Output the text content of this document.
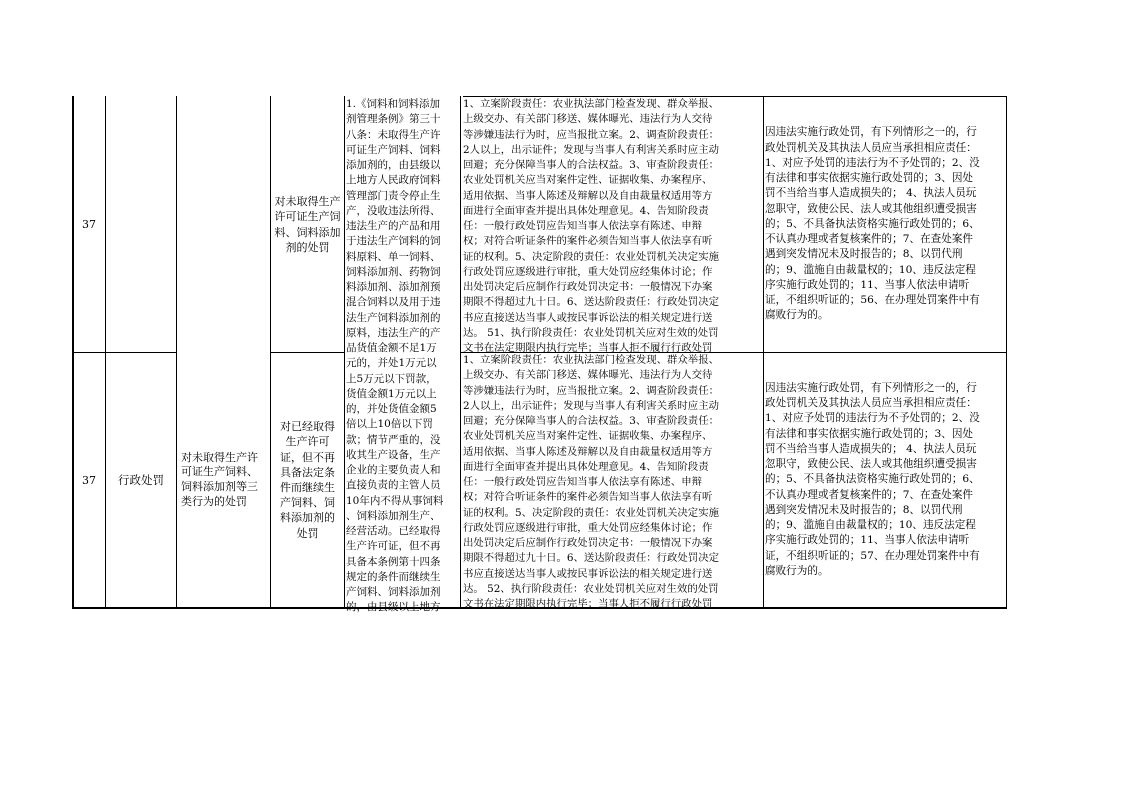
37
对未取得生产
许可证生产饲
料、饲料添加
剂的处罚
1、立案阶段责任：农业执法部门检查发现、群众举报、
上级交办、有关部门移送、媒体曝光、违法行为人交待
等涉嫌违法行为时，应当报批立案。2、调查阶段责任：
2人以上，出示证件；发现与当事人有利害关系时应主动
回避；充分保障当事人的合法权益。3、审查阶段责任：
农业处罚机关应当对案件定性、证据收集、办案程序、
适用依据、当事人陈述及辩解以及自由裁量权适用等方
面进行全面审查并提出具体处理意见。4、告知阶段责
任：一般行政处罚应告知当事人依法享有陈述、申辩
权；对符合听证条件的案件必须告知当事人依法享有听
证的权利。5、决定阶段的责任：农业处罚机关决定实施
行政处罚应逐级进行审批，重大处罚应经集体讨论；作
出处罚决定后应制作行政处罚决定书：一般情况下办案
期限不得超过九十日。6、送达阶段责任：行政处罚决定
书应直接送达当事人或按民事诉讼法的相关规定进行送
达。 51、执行阶段责任：农业处罚机关应对生效的处罚
文书在法定期限内执行完毕；当事人拒不履行行政处罚
因违法实施行政处罚，有下列情形之一的，行
政处罚机关及其执法人员应当承担相应责任：
1、对应予处罚的违法行为不予处罚的；2、没
有法律和事实依据实施行政处罚的；3、因处
罚不当给当事人造成损失的； 4、执法人员玩
忽职守，致使公民、法人或其他组织遭受损害
的；5、不具备执法资格实施行政处罚的；6、
不认真办理或者复核案件的；7、在查处案件
遇到突发情况未及时报告的；8、以罚代刑
的；9、滥施自由裁量权的；10、违反法定程
序实施行政处罚的；11、当事人依法申请听
证，不组织听证的；56、在办理处罚案件中有
腐败行为的。
1.《饲料和饲料添加
剂管理条例》第三十
八条：未取得生产许
可证生产饲料、饲料
添加剂的，由县级以
上地方人民政府饲料
管理部门责令停止生
产，没收违法所得、
违法生产的产品和用
于违法生产饲料的饲
料原料、单一饲料、
饲料添加剂、药物饲
料添加剂、添加剂预
混合饲料以及用于违
法生产饲料添加剂的
原料，违法生产的产
品货值金额不足1万
元的，并处1万元以
上5万元以下罚款，
货值金额1万元以上
的，并处货值金额5
倍以上10倍以下罚
款；情节严重的，没
收其生产设备，生产
企业的主要负责人和
直接负责的主管人员
10年内不得从事饲料
、饲料添加剂生产、
经营活动。已经取得
生产许可证，但不再
具备本条例第十四条
规定的条件而继续生
产饲料、饲料添加剂
的，由县级以上地方
37	行政处罚
对未取得生产许
可证生产饲料、
饲料添加剂等三
类行为的处罚
对已经取得
生产许可
证，但不再
具备法定条
件而继续生
产饲料、饲
料添加剂的
处罚
1、立案阶段责任：农业执法部门检查发现、群众举报、
上级交办、有关部门移送、媒体曝光、违法行为人交待
等涉嫌违法行为时，应当报批立案。2、调查阶段责任：
2人以上，出示证件；发现与当事人有利害关系时应主动
回避；充分保障当事人的合法权益。3、审查阶段责任：
农业处罚机关应当对案件定性、证据收集、办案程序、
适用依据、当事人陈述及辩解以及自由裁量权适用等方
面进行全面审查并提出具体处理意见。4、告知阶段责
任：一般行政处罚应告知当事人依法享有陈述、申辩
权；对符合听证条件的案件必须告知当事人依法享有听
证的权利。5、决定阶段的责任：农业处罚机关决定实施
行政处罚应逐级进行审批，重大处罚应经集体讨论；作
出处罚决定后应制作行政处罚决定书：一般情况下办案
期限不得超过九十日。6、送达阶段责任：行政处罚决定
书应直接送达当事人或按民事诉讼法的相关规定进行送
达。 52、执行阶段责任：农业处罚机关应对生效的处罚
文书在法定期限内执行完毕；当事人拒不履行行政处罚
因违法实施行政处罚，有下列情形之一的，行
政处罚机关及其执法人员应当承担相应责任：
1、对应予处罚的违法行为不予处罚的；2、没
有法律和事实依据实施行政处罚的；3、因处
罚不当给当事人造成损失的； 4、执法人员玩
忽职守，致使公民、法人或其他组织遭受损害
的；5、不具备执法资格实施行政处罚的；6、
不认真办理或者复核案件的；7、在查处案件
遇到突发情况未及时报告的；8、以罚代刑
的；9、滥施自由裁量权的；10、违反法定程
序实施行政处罚的；11、当事人依法申请听
证，不组织听证的；57、在办理处罚案件中有
腐败行为的。
